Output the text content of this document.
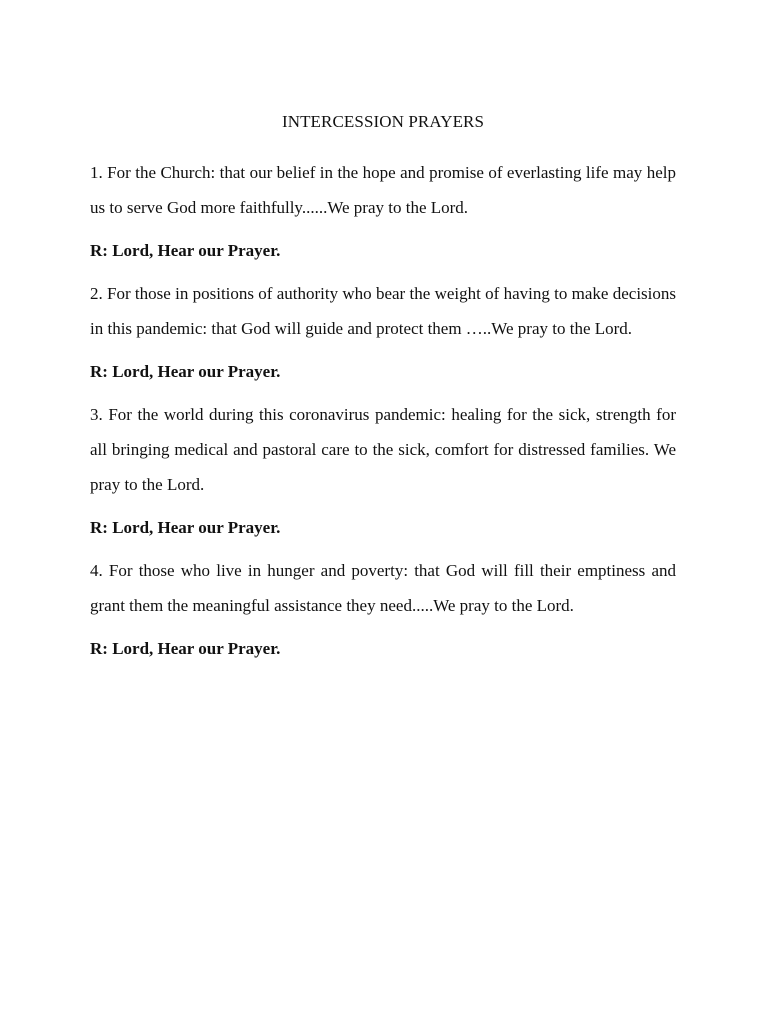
INTERCESSION PRAYERS

1. For the Church: that our belief in the hope and promise of everlasting life may help us to serve God more faithfully......We pray to the Lord.

R: Lord, Hear our Prayer.

2. For those in positions of authority who bear the weight of having to make decisions in this pandemic: that God will guide and protect them …..We pray to the Lord.

R: Lord, Hear our Prayer.

3. For the world during this coronavirus pandemic: healing for the sick, strength for all bringing medical and pastoral care to the sick, comfort for distressed families. We pray to the Lord.

R: Lord, Hear our Prayer.

4. For those who live in hunger and poverty: that God will fill their emptiness and grant them the meaningful assistance they need.....We pray to the Lord.

R: Lord, Hear our Prayer.
